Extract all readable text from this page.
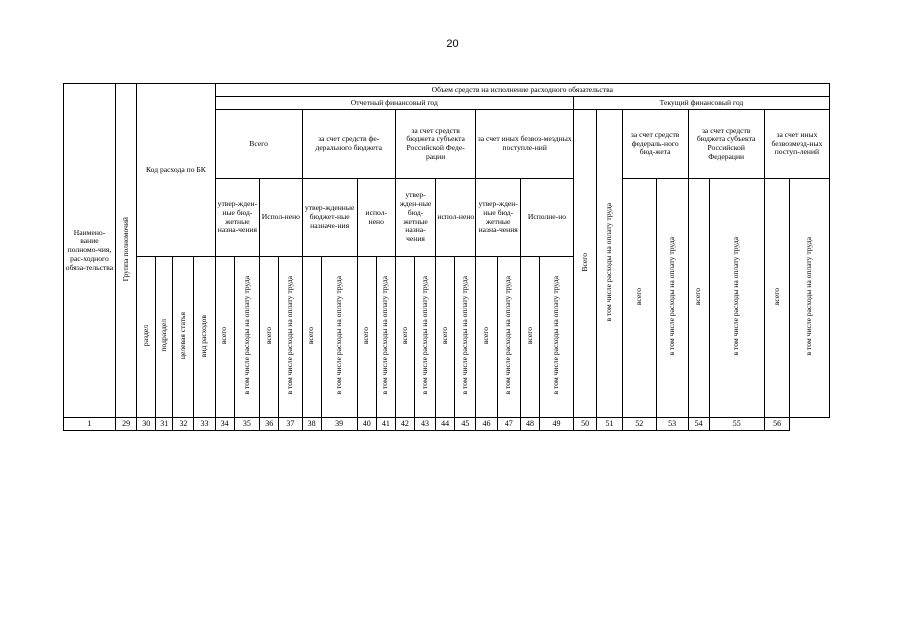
20
Наимено-вание полномо-чия, рас-ходного обяза-тельства	Группа полномочий	Код расхода по БК				Объем средств на исполнение расходного обязательства																							
						Отчетный финансовый год																Текущий финансовый год							
						Всего				за счет средств фе-дерального бюджета				за счет средств бюджета субъекта Российской Феде-рации				за счет иных безвоз-мездных поступле-ний				Всего	в том числе расходы на оплату труда	за счет средств федераль-ного бюд-жета		за счет средств бюджета субъекта Российской Федерации		за счет иных безвозмезд-ных поступ-лений	
						утвер-жден-ные бюд-жетные назна-чения		Испол-нено		утвер-жденные бюджет-ные назначе-ния		испол-нено		утвер-жден-ные бюд-жетные назна-чения		испол-нено		утвер-жден-ные бюд-жетные назна-чения		Исполне-но				всего	в том числе расходы на оплату труда	всего	в том числе расходы на оплату труда	всего	в том числе расходы на оплату труда
		раздел	подраздел	целевая статья	вид расходов	всего	в том числе расходы на оплату труда	всего	в том числе расходы на оплату труда	всего	в том числе расходы на оплату труда	всего	в том числе расходы на оплату труда	всего	в том числе расходы на оплату труда	всего	в том числе расходы на оплату труда	всего	в том числе расходы на оплату труда	всего	в том числе расходы на оплату труда								
1	29	30	31	32	33	34	35	36	37	38	39	40	41	42	43	44	45	46	47	48	49	50	51	52	53	54	55	56	
